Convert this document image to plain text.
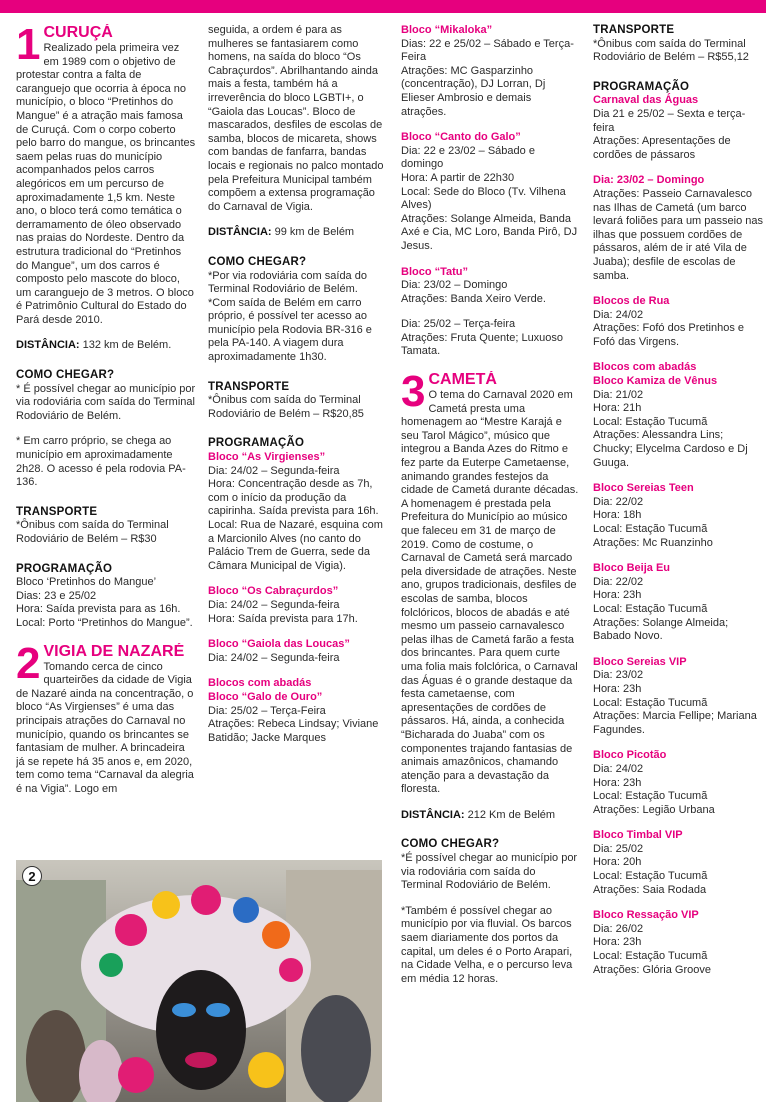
1 CURUÇÁ

Realizado pela primeira vez em 1989 com o objetivo de protestar contra a falta de caranguejo que ocorria à época no município, o bloco “Pretinhos do Mangue” é a atração mais famosa de Curuçá. Com o corpo coberto pelo barro do mangue, os brincantes saem pelas ruas do município acompanhados pelos carros alegóricos em um percurso de aproximadamente 1,5 km. Neste ano, o bloco terá como temática o derramamento de óleo observado nas praias do Nordeste. Dentro da estrutura tradicional do “Pretinhos do Mangue”, um dos carros é composto pelo mascote do bloco, um caranguejo de 3 metros. O bloco é Patrimônio Cultural do Estado do Pará desde 2010.

DISTÂNCIA: 132 km de Belém.

COMO CHEGAR?

* É possível chegar ao município por via rodoviária com saída do Terminal Rodoviário de Belém.

* Em carro próprio, se chega ao município em aproximadamente 2h28. O acesso é pela rodovia PA-136.

TRANSPORTE

*Ônibus com saída do Terminal Rodoviário de Belém – R$30

PROGRAMAÇÃO

Bloco ‘Pretinhos do Mangue’

Dias: 23 e 25/02

Hora: Saída prevista para as 16h.

Local: Porto “Pretinhos do Mangue”.

2 VIGIA DE NAZARÉ

Tomando cerca de cinco quarteirões da cidade de Vigia de Nazaré ainda na concentração, o bloco “As Virgienses” é uma das principais atrações do Carnaval no município, quando os brincantes se fantasiam de mulher. A brincadeira já se repete há 35 anos e, em 2020, tem como tema “Carnaval da alegria é na Vigia”. Logo em

seguida, a ordem é para as mulheres se fantasiarem como homens, na saída do bloco “Os Cabraçurdos”. Abrilhantando ainda mais a festa, também há a irreverência do bloco LGBTI+, o “Gaiola das Loucas”. Bloco de mascarados, desfiles de escolas de samba, blocos de micareta, shows com bandas de fanfarra, bandas locais e regionais no palco montado pela Prefeitura Municipal também compõem a extensa programação do Carnaval de Vigia.

DISTÂNCIA: 99 km de Belém

COMO CHEGAR?

*Por via rodoviária com saída do Terminal Rodoviário de Belém.

*Com saída de Belém em carro próprio, é possível ter acesso ao município pela Rodovia BR-316 e pela PA-140. A viagem dura aproximadamente 1h30.

TRANSPORTE

*Ônibus com saída do Terminal Rodoviário de Belém – R$20,85

PROGRAMAÇÃO

Bloco “As Virgienses”

Dia: 24/02 – Segunda-feira

Hora: Concentração desde as 7h, com o início da produção da capirinha. Saída prevista para 16h.

Local: Rua de Nazaré, esquina com a Marcionilo Alves (no canto do Palácio Trem de Guerra, sede da Câmara Municipal de Vigia).

Bloco “Os Cabraçurdos”

Dia: 24/02 – Segunda-feira

Hora: Saída prevista para 17h.

Bloco “Gaiola das Loucas”

Dia: 24/02 – Segunda-feira

Blocos com abadás

Bloco “Galo de Ouro”

Dia: 25/02 – Terça-Feira

Atrações: Rebeca Lindsay; Viviane Batidão; Jacke Marques

Bloco “Mikaloka”

Dias: 22 e 25/02 – Sábado e Terça-Feira

Atrações: MC Gasparzinho (concentração), DJ Lorran, Dj Elieser Ambrosio e demais atrações.

Bloco “Canto do Galo”

Dia: 22 e 23/02 – Sábado e domingo

Hora: A partir de 22h30

Local: Sede do Bloco (Tv. Vilhena Alves)

Atrações: Solange Almeida, Banda Axé e Cia, MC Loro, Banda Pirô, DJ Jesus.

Bloco “Tatu”

Dia: 23/02 – Domingo

Atrações: Banda Xeiro Verde.

Dia: 25/02 – Terça-feira

Atrações: Fruta Quente; Luxuoso Tamata.

3 CAMETÁ

O tema do Carnaval 2020 em Cametá presta uma homenagem ao “Mestre Karajá e seu Tarol Mágico”, músico que integrou a Banda Azes do Ritmo e fez parte da Euterpe Cametaense, animando grandes festejos da cidade de Cametá durante décadas. A homenagem é prestada pela Prefeitura do Município ao músico que faleceu em 31 de março de 2019. Como de costume, o Carnaval de Cametá será marcado pela diversidade de atrações. Neste ano, grupos tradicionais, desfiles de escolas de samba, blocos folclóricos, blocos de abadás e até mesmo um passeio carnavalesco pelas ilhas de Cametá farão a festa dos brincantes. Para quem curte uma folia mais folclórica, o Carnaval das Águas é o grande destaque da festa cametaense, com apresentações de cordões de pássaros. Há, ainda, a conhecida “Bicharada do Juaba” com os componentes trajando fantasias de animais amazônicos, chamando atenção para a devastação da floresta.

DISTÂNCIA: 212 Km de Belém

COMO CHEGAR?

*É possível chegar ao município por via rodoviária com saída do Terminal Rodoviário de Belém.

*Também é possível chegar ao município por via fluvial. Os barcos saem diariamente dos portos da capital, um deles é o Porto Arapari, na Cidade Velha, e o percurso leva em média 12 horas.

TRANSPORTE

*Ônibus com saída do Terminal Rodoviário de Belém – R$55,12

PROGRAMAÇÃO

Carnaval das Águas

Dia 21 e 25/02 – Sexta e terça-feira

Atrações: Apresentações de cordões de pássaros

Dia: 23/02 – Domingo

Atrações: Passeio Carnavalesco nas Ilhas de Cametá (um barco levará foliões para um passeio nas ilhas que possuem cordões de pássaros, além de ir até Vila de Juaba); desfile de escolas de samba.

Blocos de Rua

Dia: 24/02

Atrações: Fofó dos Pretinhos e Fofó das Virgens.

Blocos com abadás

Bloco Kamiza de Vênus

Dia: 21/02

Hora: 21h

Local: Estação Tucumã

Atrações: Alessandra Lins; Chucky; Elycelma Cardoso e Dj Guuga.

Bloco Sereias Teen

Dia: 22/02

Hora: 18h

Local: Estação Tucumã

Atrações: Mc Ruanzinho

Bloco Beija Eu

Dia: 22/02

Hora: 23h

Local: Estação Tucumã

Atrações: Solange Almeida; Babado Novo.

Bloco Sereias VIP

Dia: 23/02

Hora: 23h

Local: Estação Tucumã

Atrações: Marcia Fellipe; Mariana Fagundes.

Bloco Picotão

Dia: 24/02

Hora: 23h

Local: Estação Tucumã

Atrações: Legião Urbana

Bloco Timbal VIP

Dia: 25/02

Hora: 20h

Local: Estação Tucumã

Atrações: Saia Rodada

Bloco Ressação VIP

Dia: 26/02

Hora: 23h

Local: Estação Tucumã

Atrações: Glória Groove

2
